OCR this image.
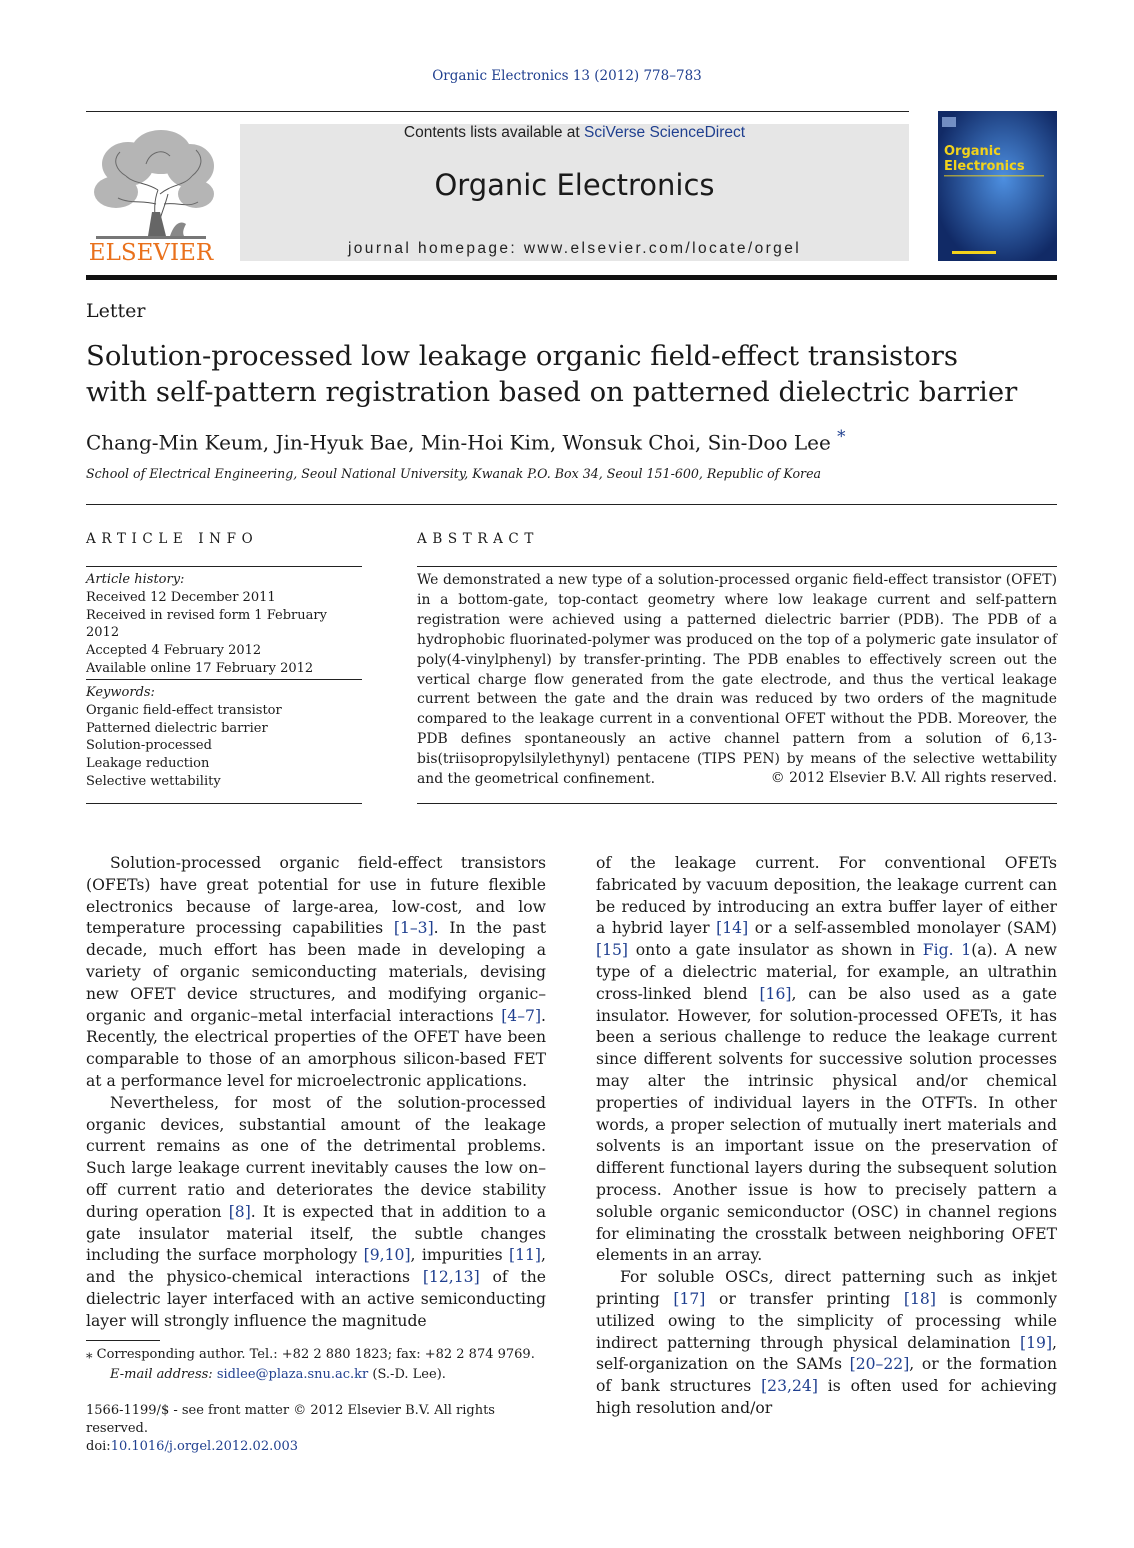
Organic Electronics 13 (2012) 778–783
ELSEVIER
Contents lists available at SciVerse ScienceDirect
Organic Electronics
journal homepage: www.elsevier.com/locate/orgel
Organic
Electronics
Letter
Solution-processed low leakage organic field-effect transistors
with self-pattern registration based on patterned dielectric barrier
Chang-Min Keum, Jin-Hyuk Bae, Min-Hoi Kim, Wonsuk Choi, Sin-Doo Lee *
School of Electrical Engineering, Seoul National University, Kwanak P.O. Box 34, Seoul 151-600, Republic of Korea
ARTICLE INFO	ABSTRACT
Article history:
Received 12 December 2011
Received in revised form 1 February 2012
Accepted 4 February 2012
Available online 17 February 2012
Keywords:
Organic field-effect transistor
Patterned dielectric barrier
Solution-processed
Leakage reduction
Selective wettability
We demonstrated a new type of a solution-processed organic field-effect transistor (OFET) in a bottom-gate, top-contact geometry where low leakage current and self-pattern registration were achieved using a patterned dielectric barrier (PDB). The PDB of a hydrophobic fluorinated-polymer was produced on the top of a polymeric gate insulator of poly(4-vinylphenyl) by transfer-printing. The PDB enables to effectively screen out the vertical charge flow generated from the gate electrode, and thus the vertical leakage current between the gate and the drain was reduced by two orders of the magnitude compared to the leakage current in a conventional OFET without the PDB. Moreover, the PDB defines spontaneously an active channel pattern from a solution of 6,13-bis(triisopropylsilylethynyl) pentacene (TIPS PEN) by means of the selective wettability and the geometrical confinement.	© 2012 Elsevier B.V. All rights reserved.

Solution-processed organic field-effect transistors (OFETs) have great potential for use in future flexible electronics because of large-area, low-cost, and low temperature processing capabilities [1–3]. In the past decade, much effort has been made in developing a variety of organic semiconducting materials, devising new OFET device structures, and modifying organic–organic and organic–metal interfacial interactions [4–7]. Recently, the electrical properties of the OFET have been comparable to those of an amorphous silicon-based FET at a performance level for microelectronic applications.

Nevertheless, for most of the solution-processed organic devices, substantial amount of the leakage current remains as one of the detrimental problems. Such large leakage current inevitably causes the low on–off current ratio and deteriorates the device stability during operation [8]. It is expected that in addition to a gate insulator material itself, the subtle changes including the surface morphology [9,10], impurities [11], and the physico-chemical interactions [12,13] of the dielectric layer interfaced with an active semiconducting layer will strongly influence the magnitude

of the leakage current. For conventional OFETs fabricated by vacuum deposition, the leakage current can be reduced by introducing an extra buffer layer of either a hybrid layer [14] or a self-assembled monolayer (SAM) [15] onto a gate insulator as shown in Fig. 1(a). A new type of a dielectric material, for example, an ultrathin cross-linked blend [16], can be also used as a gate insulator. However, for solution-processed OFETs, it has been a serious challenge to reduce the leakage current since different solvents for successive solution processes may alter the intrinsic physical and/or chemical properties of individual layers in the OTFTs. In other words, a proper selection of mutually inert materials and solvents is an important issue on the preservation of different functional layers during the subsequent solution process. Another issue is how to precisely pattern a soluble organic semiconductor (OSC) in channel regions for eliminating the crosstalk between neighboring OFET elements in an array.

For soluble OSCs, direct patterning such as inkjet printing [17] or transfer printing [18] is commonly utilized owing to the simplicity of processing while indirect patterning through physical delamination [19], self-organization on the SAMs [20–22], or the formation of bank structures [23,24] is often used for achieving high resolution and/or

⁎ Corresponding author. Tel.: +82 2 880 1823; fax: +82 2 874 9769.
E-mail address: sidlee@plaza.snu.ac.kr (S.-D. Lee).
1566-1199/$ - see front matter © 2012 Elsevier B.V. All rights reserved.
doi:10.1016/j.orgel.2012.02.003
